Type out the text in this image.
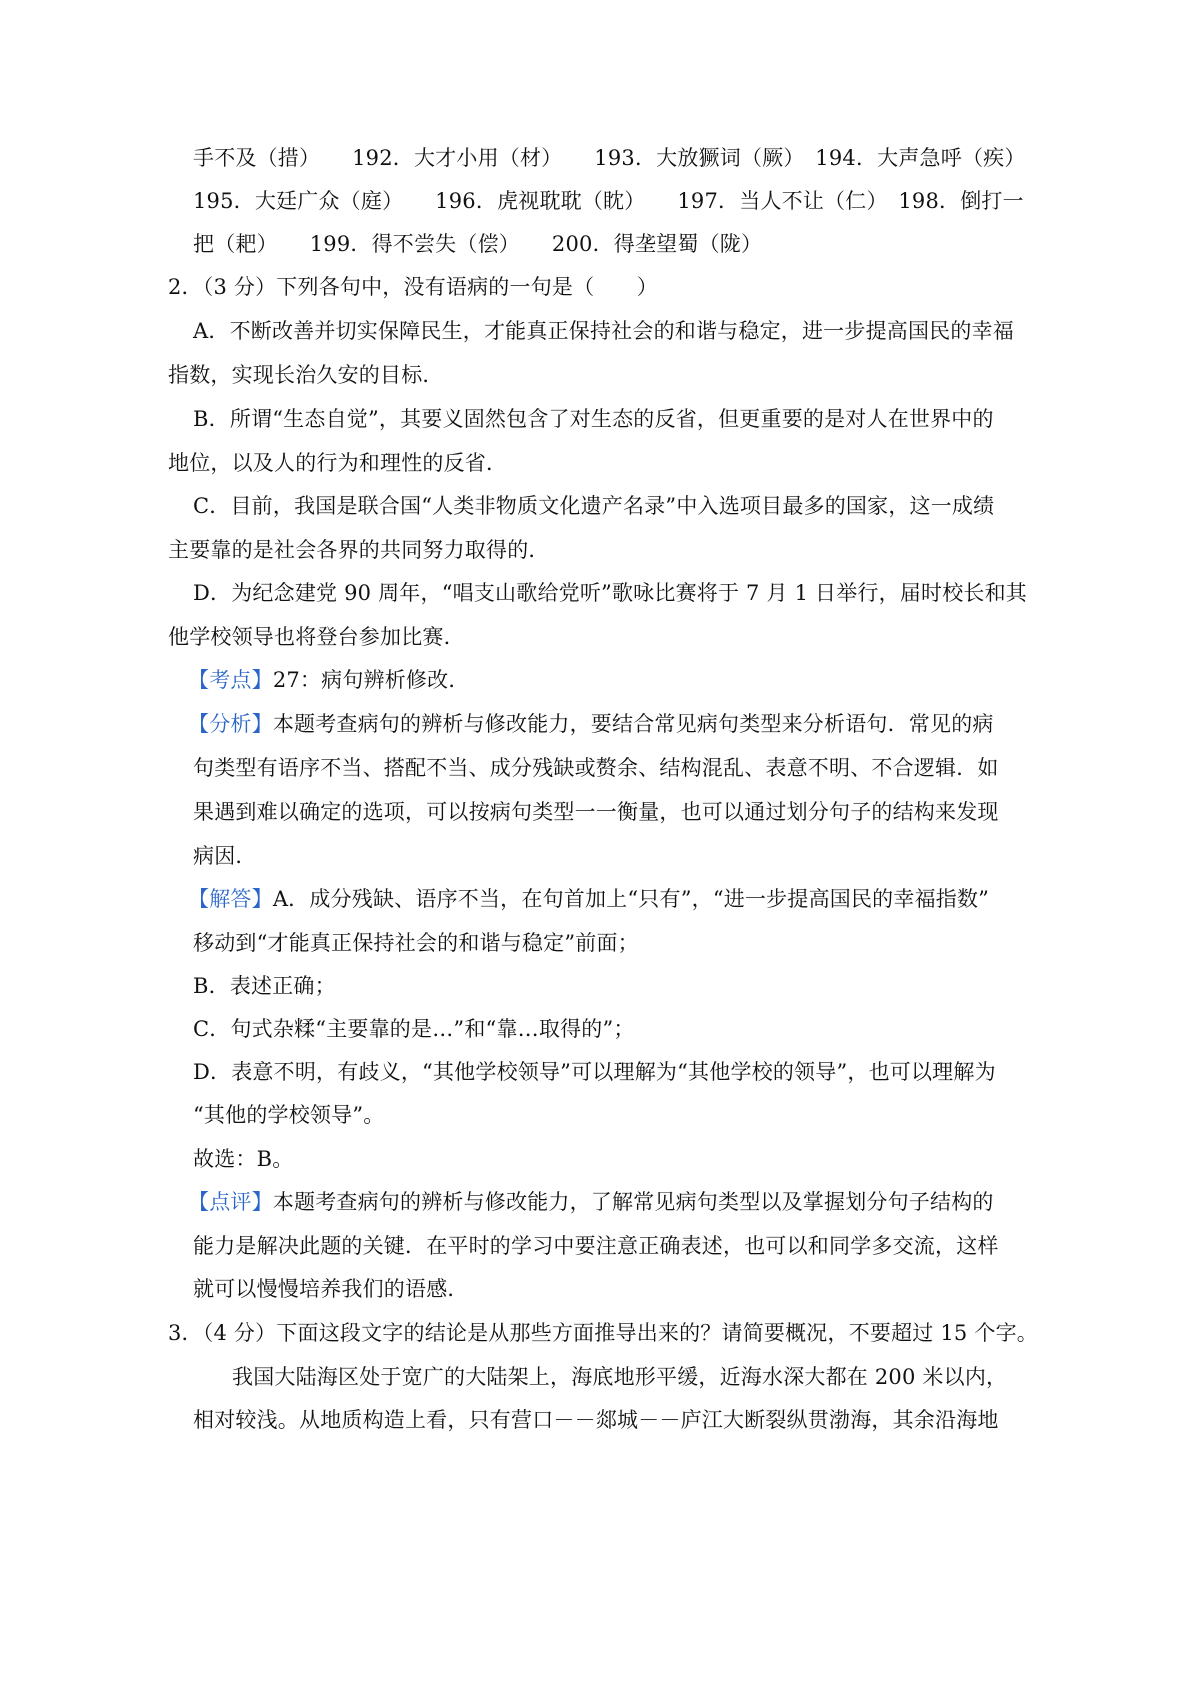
手不及（措）　　192．大才小用（材）　　193．大放獗词（厥）　194．大声急呼（疾）
195．大廷广众（庭）　　196．虎视耽耽（眈）　　197．当人不让（仁）　198．倒打一
把（耙）　　199．得不尝失（偿）　　200．得垄望蜀（陇）
2．（3 分）下列各句中，没有语病的一句是（　　）
A．不断改善并切实保障民生，才能真正保持社会的和谐与稳定，进一步提高国民的幸福
指数，实现长治久安的目标．
B．所谓“生态自觉”，其要义固然包含了对生态的反省，但更重要的是对人在世界中的
地位，以及人的行为和理性的反省．
C．目前，我国是联合国“人类非物质文化遗产名录”中入选项目最多的国家，这一成绩
主要靠的是社会各界的共同努力取得的．
D．为纪念建党 90 周年，“唱支山歌给党听”歌咏比赛将于 7 月 1 日举行，届时校长和其
他学校领导也将登台参加比赛．
【考点】27：病句辨析修改．
【分析】本题考查病句的辨析与修改能力，要结合常见病句类型来分析语句．常见的病
句类型有语序不当、搭配不当、成分残缺或赘余、结构混乱、表意不明、不合逻辑．如
果遇到难以确定的选项，可以按病句类型一一衡量，也可以通过划分句子的结构来发现
病因．
【解答】A．成分残缺、语序不当，在句首加上“只有”，“进一步提高国民的幸福指数”
移动到“才能真正保持社会的和谐与稳定”前面；
B．表述正确；
C．句式杂糅“主要靠的是…”和“靠…取得的”；
D．表意不明，有歧义，“其他学校领导”可以理解为“其他学校的领导”，也可以理解为
“其他的学校领导”。
故选：B。
【点评】本题考查病句的辨析与修改能力，了解常见病句类型以及掌握划分句子结构的
能力是解决此题的关键．在平时的学习中要注意正确表述，也可以和同学多交流，这样
就可以慢慢培养我们的语感．
3．（4 分）下面这段文字的结论是从那些方面推导出来的？请简要概况，不要超过 15 个字。
我国大陆海区处于宽广的大陆架上，海底地形平缓，近海水深大都在 200 米以内，
相对较浅。从地质构造上看，只有营口－－郯城－－庐江大断裂纵贯渤海，其余沿海地
